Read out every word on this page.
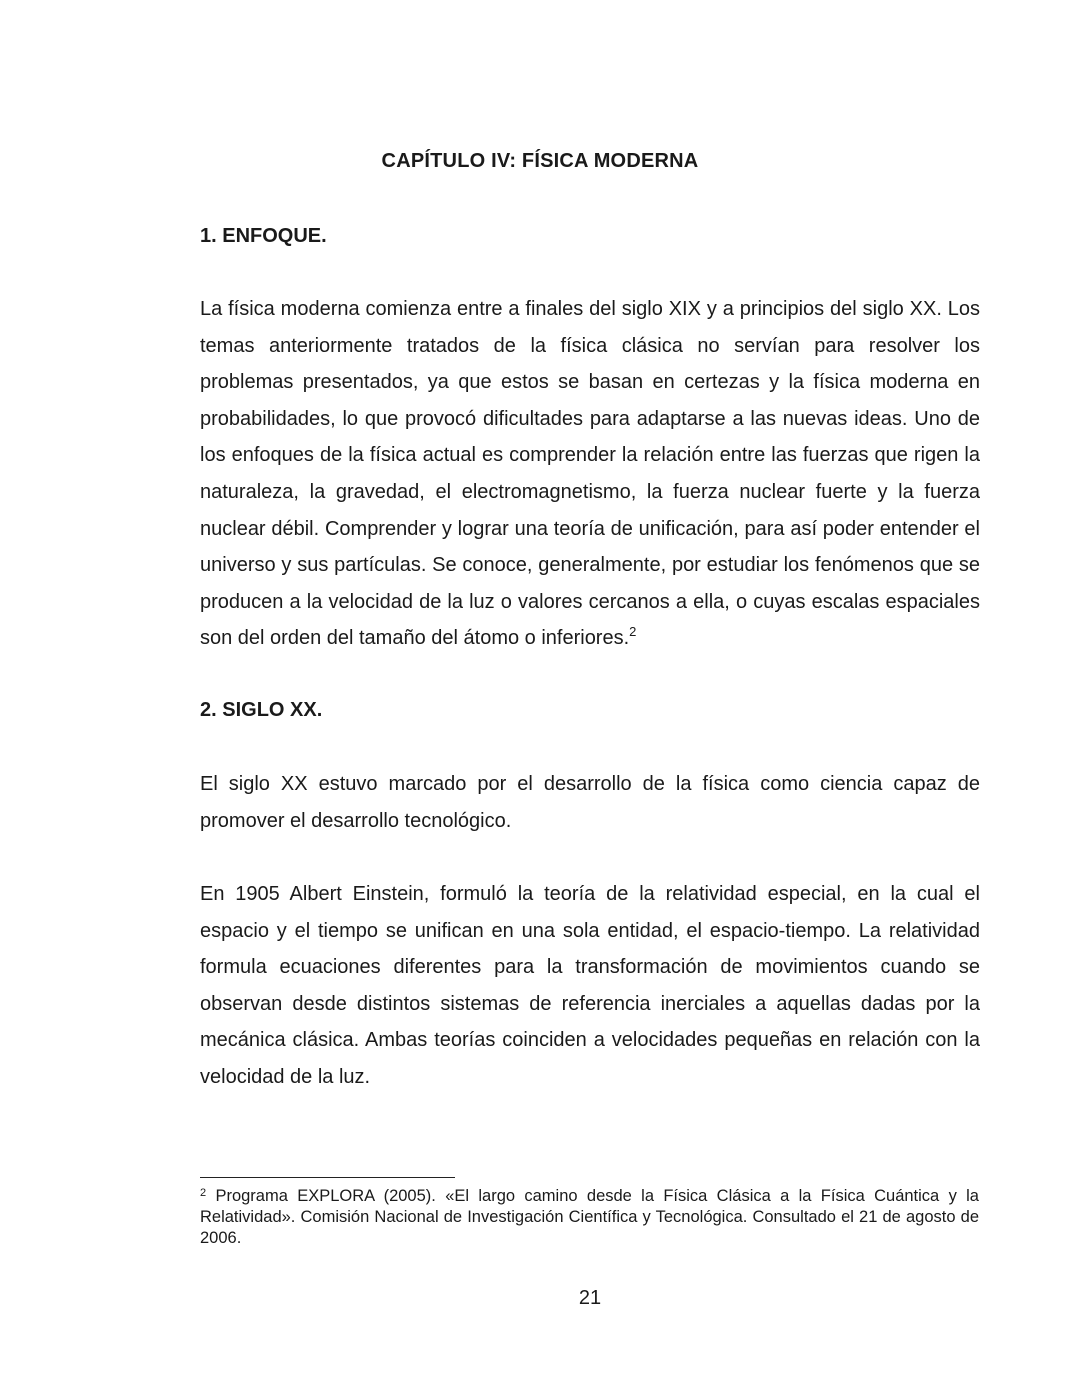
CAPÍTULO IV: FÍSICA MODERNA
1. ENFOQUE.

La física moderna comienza entre a finales del siglo XIX y a principios del siglo XX. Los temas anteriormente tratados de la física clásica no servían para resolver los problemas presentados, ya que estos se basan en certezas y la física moderna en probabilidades, lo que provocó dificultades para adaptarse a las nuevas ideas. Uno de los enfoques de la física actual es comprender la relación entre las fuerzas que rigen la naturaleza, la gravedad, el electromagnetismo, la fuerza nuclear fuerte y la fuerza nuclear débil. Comprender y lograr una teoría de unificación, para así poder entender el universo y sus partículas. Se conoce, generalmente, por estudiar los fenómenos que se producen a la velocidad de la luz o valores cercanos a ella, o cuyas escalas espaciales son del orden del tamaño del átomo o inferiores.$^2$

2. SIGLO XX.

El siglo XX estuvo marcado por el desarrollo de la física como ciencia capaz de promover el desarrollo tecnológico.

En 1905 Albert Einstein, formuló la teoría de la relatividad especial, en la cual el espacio y el tiempo se unifican en una sola entidad, el espacio-tiempo. La relatividad formula ecuaciones diferentes para la transformación de movimientos cuando se observan desde distintos sistemas de referencia inerciales a aquellas dadas por la mecánica clásica. Ambas teorías coinciden a velocidades pequeñas en relación con la velocidad de la luz.

$^2$ Programa EXPLORA (2005). «El largo camino desde la Física Clásica a la Física Cuántica y la Relatividad». Comisión Nacional de Investigación Científica y Tecnológica. Consultado el 21 de agosto de 2006.

21
